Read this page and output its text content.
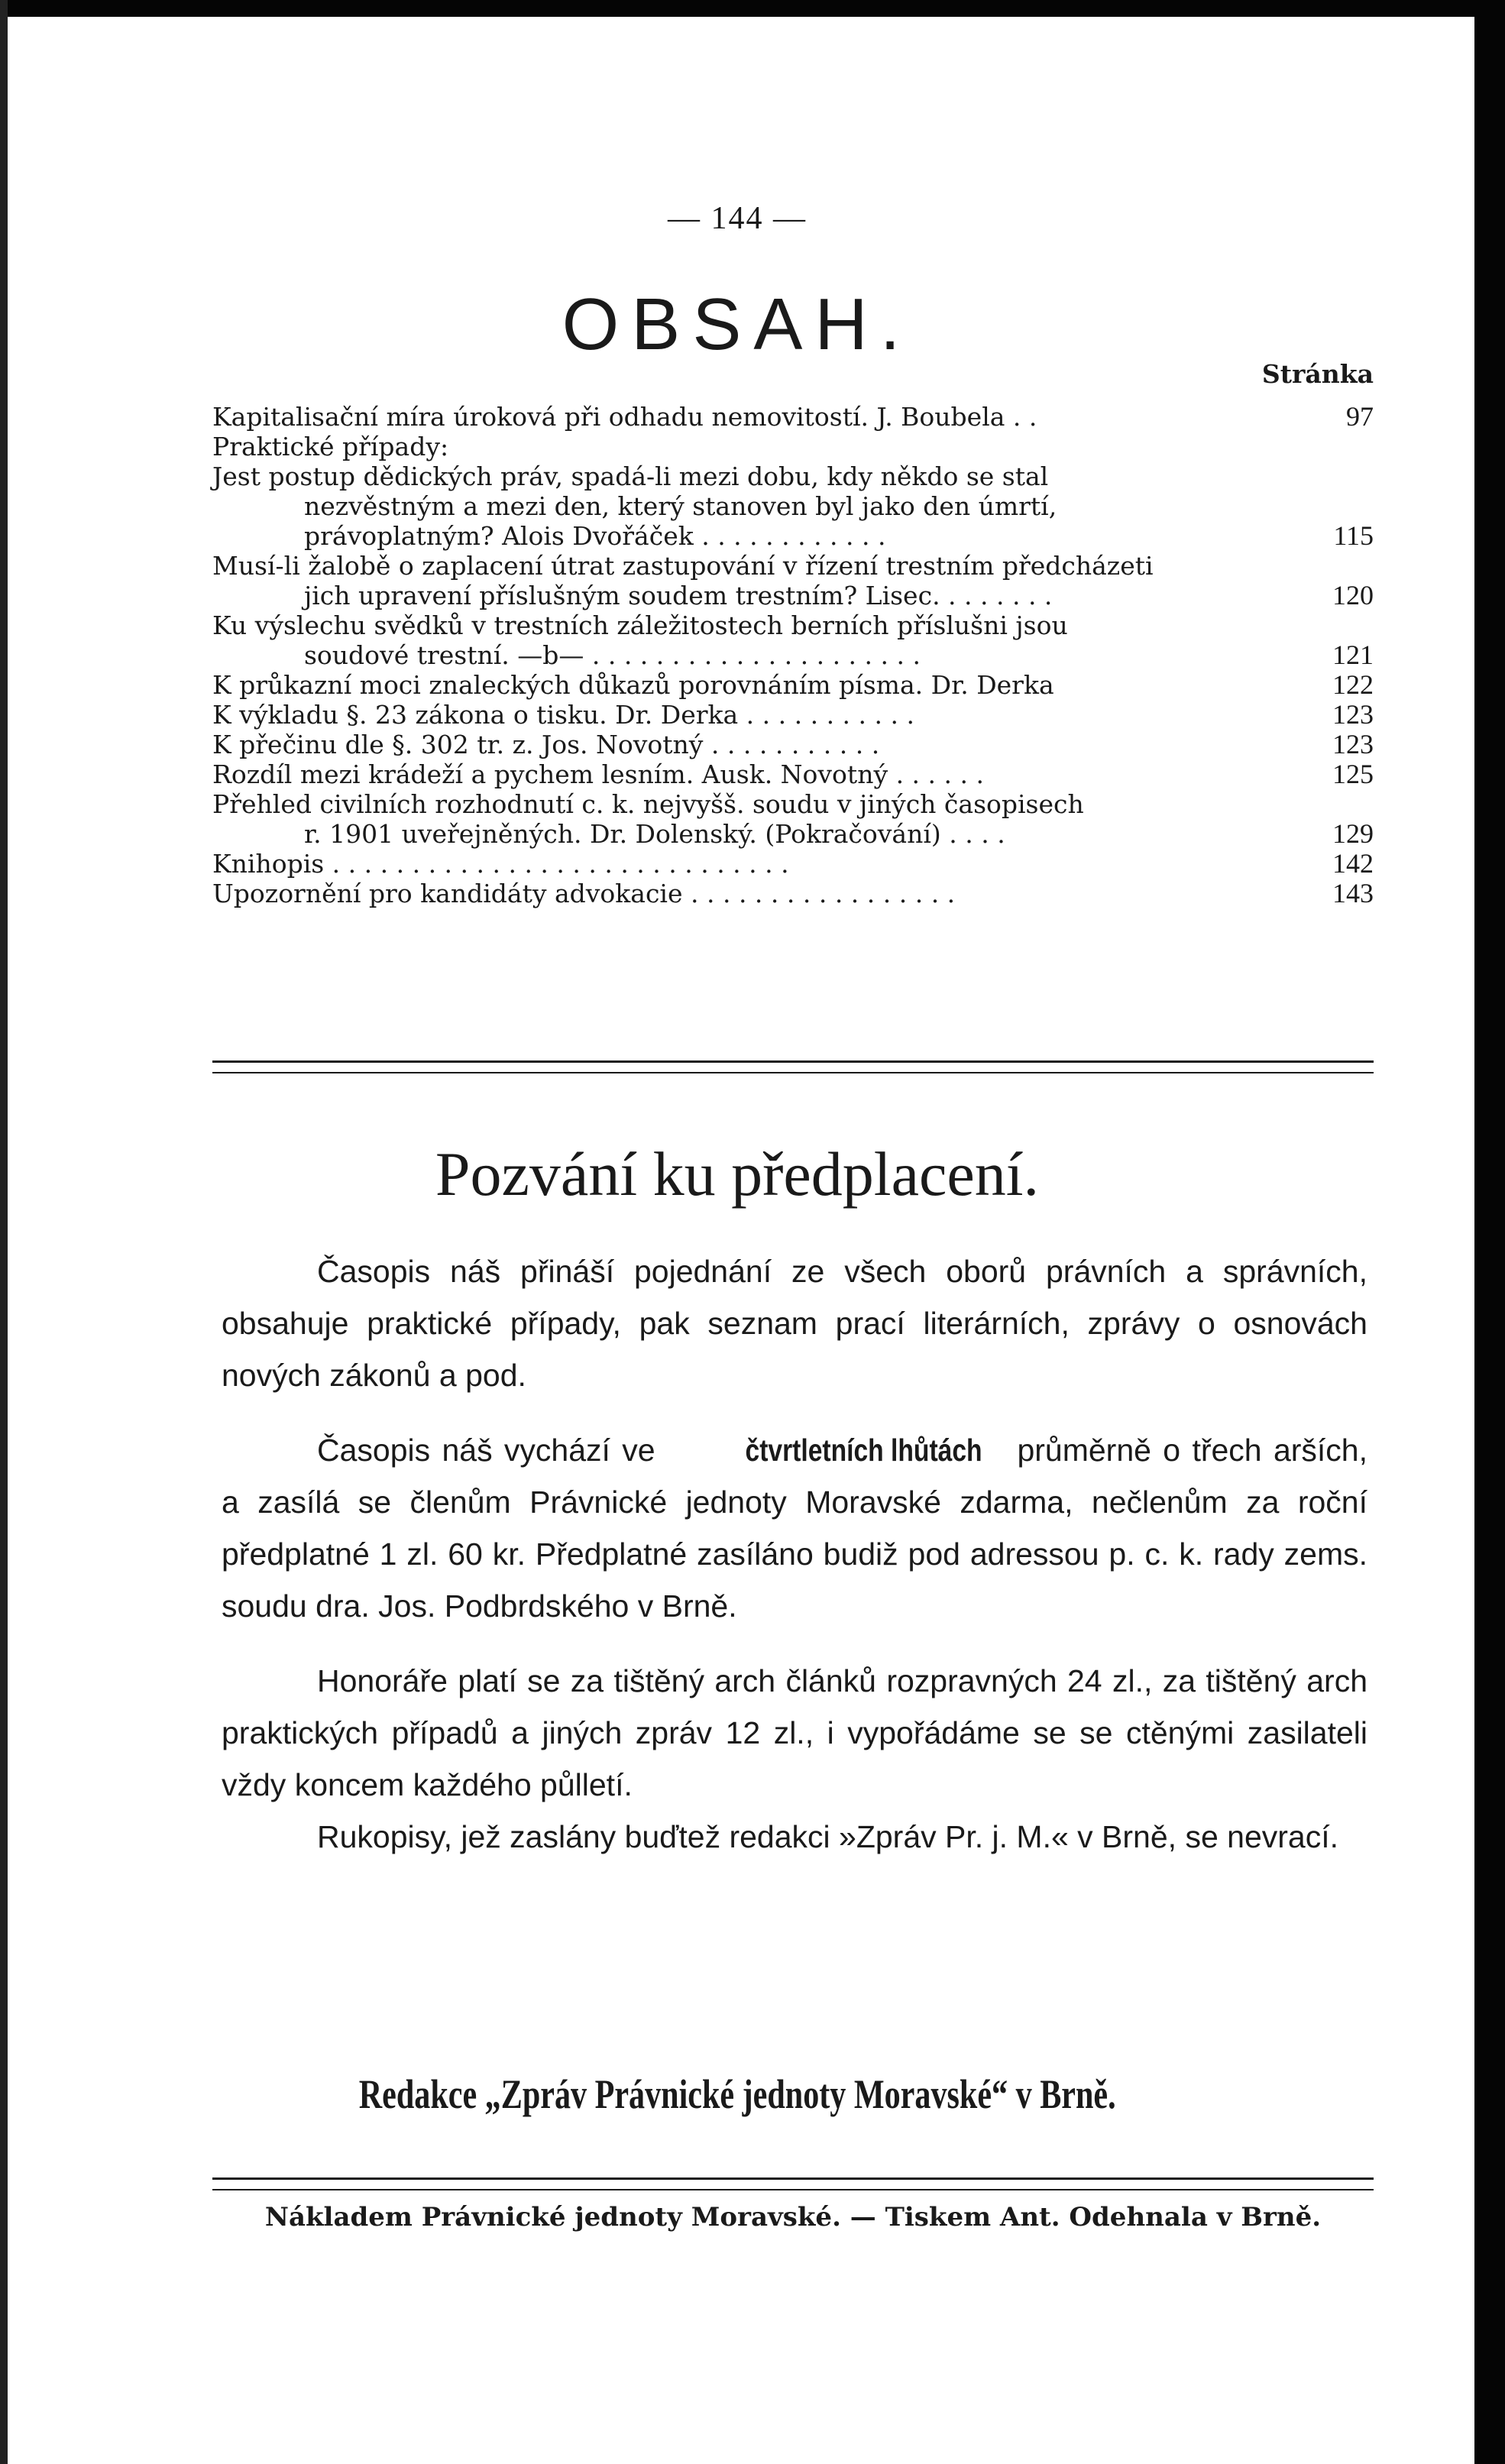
— 144 —
OBSAH.
Stránka
Kapitalisační míra úroková při odhadu nemovitostí. J. Boubela . .	97
Praktické případy:
Jest postup dědických práv, spadá-li mezi dobu, kdy někdo se stal
nezvěstným a mezi den, který stanoven byl jako den úmrtí,
právoplatným? Alois Dvořáček . . . . . . . . . . . .	115
Musí-li žalobě o zaplacení útrat zastupování v řízení trestním předcházeti
jich upravení příslušným soudem trestním? Lisec. . . . . . . .	120
Ku výslechu svědků v trestních záležitostech berních příslušni jsou
soudové trestní. —b— . . . . . . . . . . . . . . . . . . . . .	121
K průkazní moci znaleckých důkazů porovnáním písma. Dr. Derka	122
K výkladu §. 23 zákona o tisku. Dr. Derka . . . . . . . . . . .	123
K přečinu dle §. 302 tr. z. Jos. Novotný . . . . . . . . . . .	123
Rozdíl mezi krádeží a pychem lesním. Ausk. Novotný . . . . . .	125
Přehled civilních rozhodnutí c. k. nejvyšš. soudu v jiných časopisech
r. 1901 uveřejněných. Dr. Dolenský. (Pokračování) . . . .	129
Knihopis . . . . . . . . . . . . . . . . . . . . . . . . . . . . .	142
Upozornění pro kandidáty advokacie . . . . . . . . . . . . . . . . .	143
Pozvání ku předplacení.

Časopis náš přináší pojednání ze všech oborů právních a správních, obsahuje praktické případy, pak seznam prací literárních, zprávy o osnovách nových zákonů a pod.

Časopis náš vychází ve	čtvrtletních lhůtách průměrně o třech arších, a zasílá se členům Právnické jednoty Moravské zdarma, nečlenům za roční předplatné 1 zl. 60 kr. Předplatné zasíláno budiž pod adressou p. c. k. rady zems. soudu dra. Jos. Podbrdského v Brně.

Honoráře platí se za tištěný arch článků rozpravných 24 zl., za tištěný arch praktických případů a jiných zpráv 12 zl., i vypořádáme se se ctěnými zasilateli vždy koncem každého půlletí.

Rukopisy, jež zaslány buďtež redakci »Zpráv Pr. j. M.« v Brně, se nevrací.

Redakce „Zpráv Právnické jednoty Moravské“ v Brně.
Nákladem Právnické jednoty Moravské. — Tiskem Ant. Odehnala v Brně.
